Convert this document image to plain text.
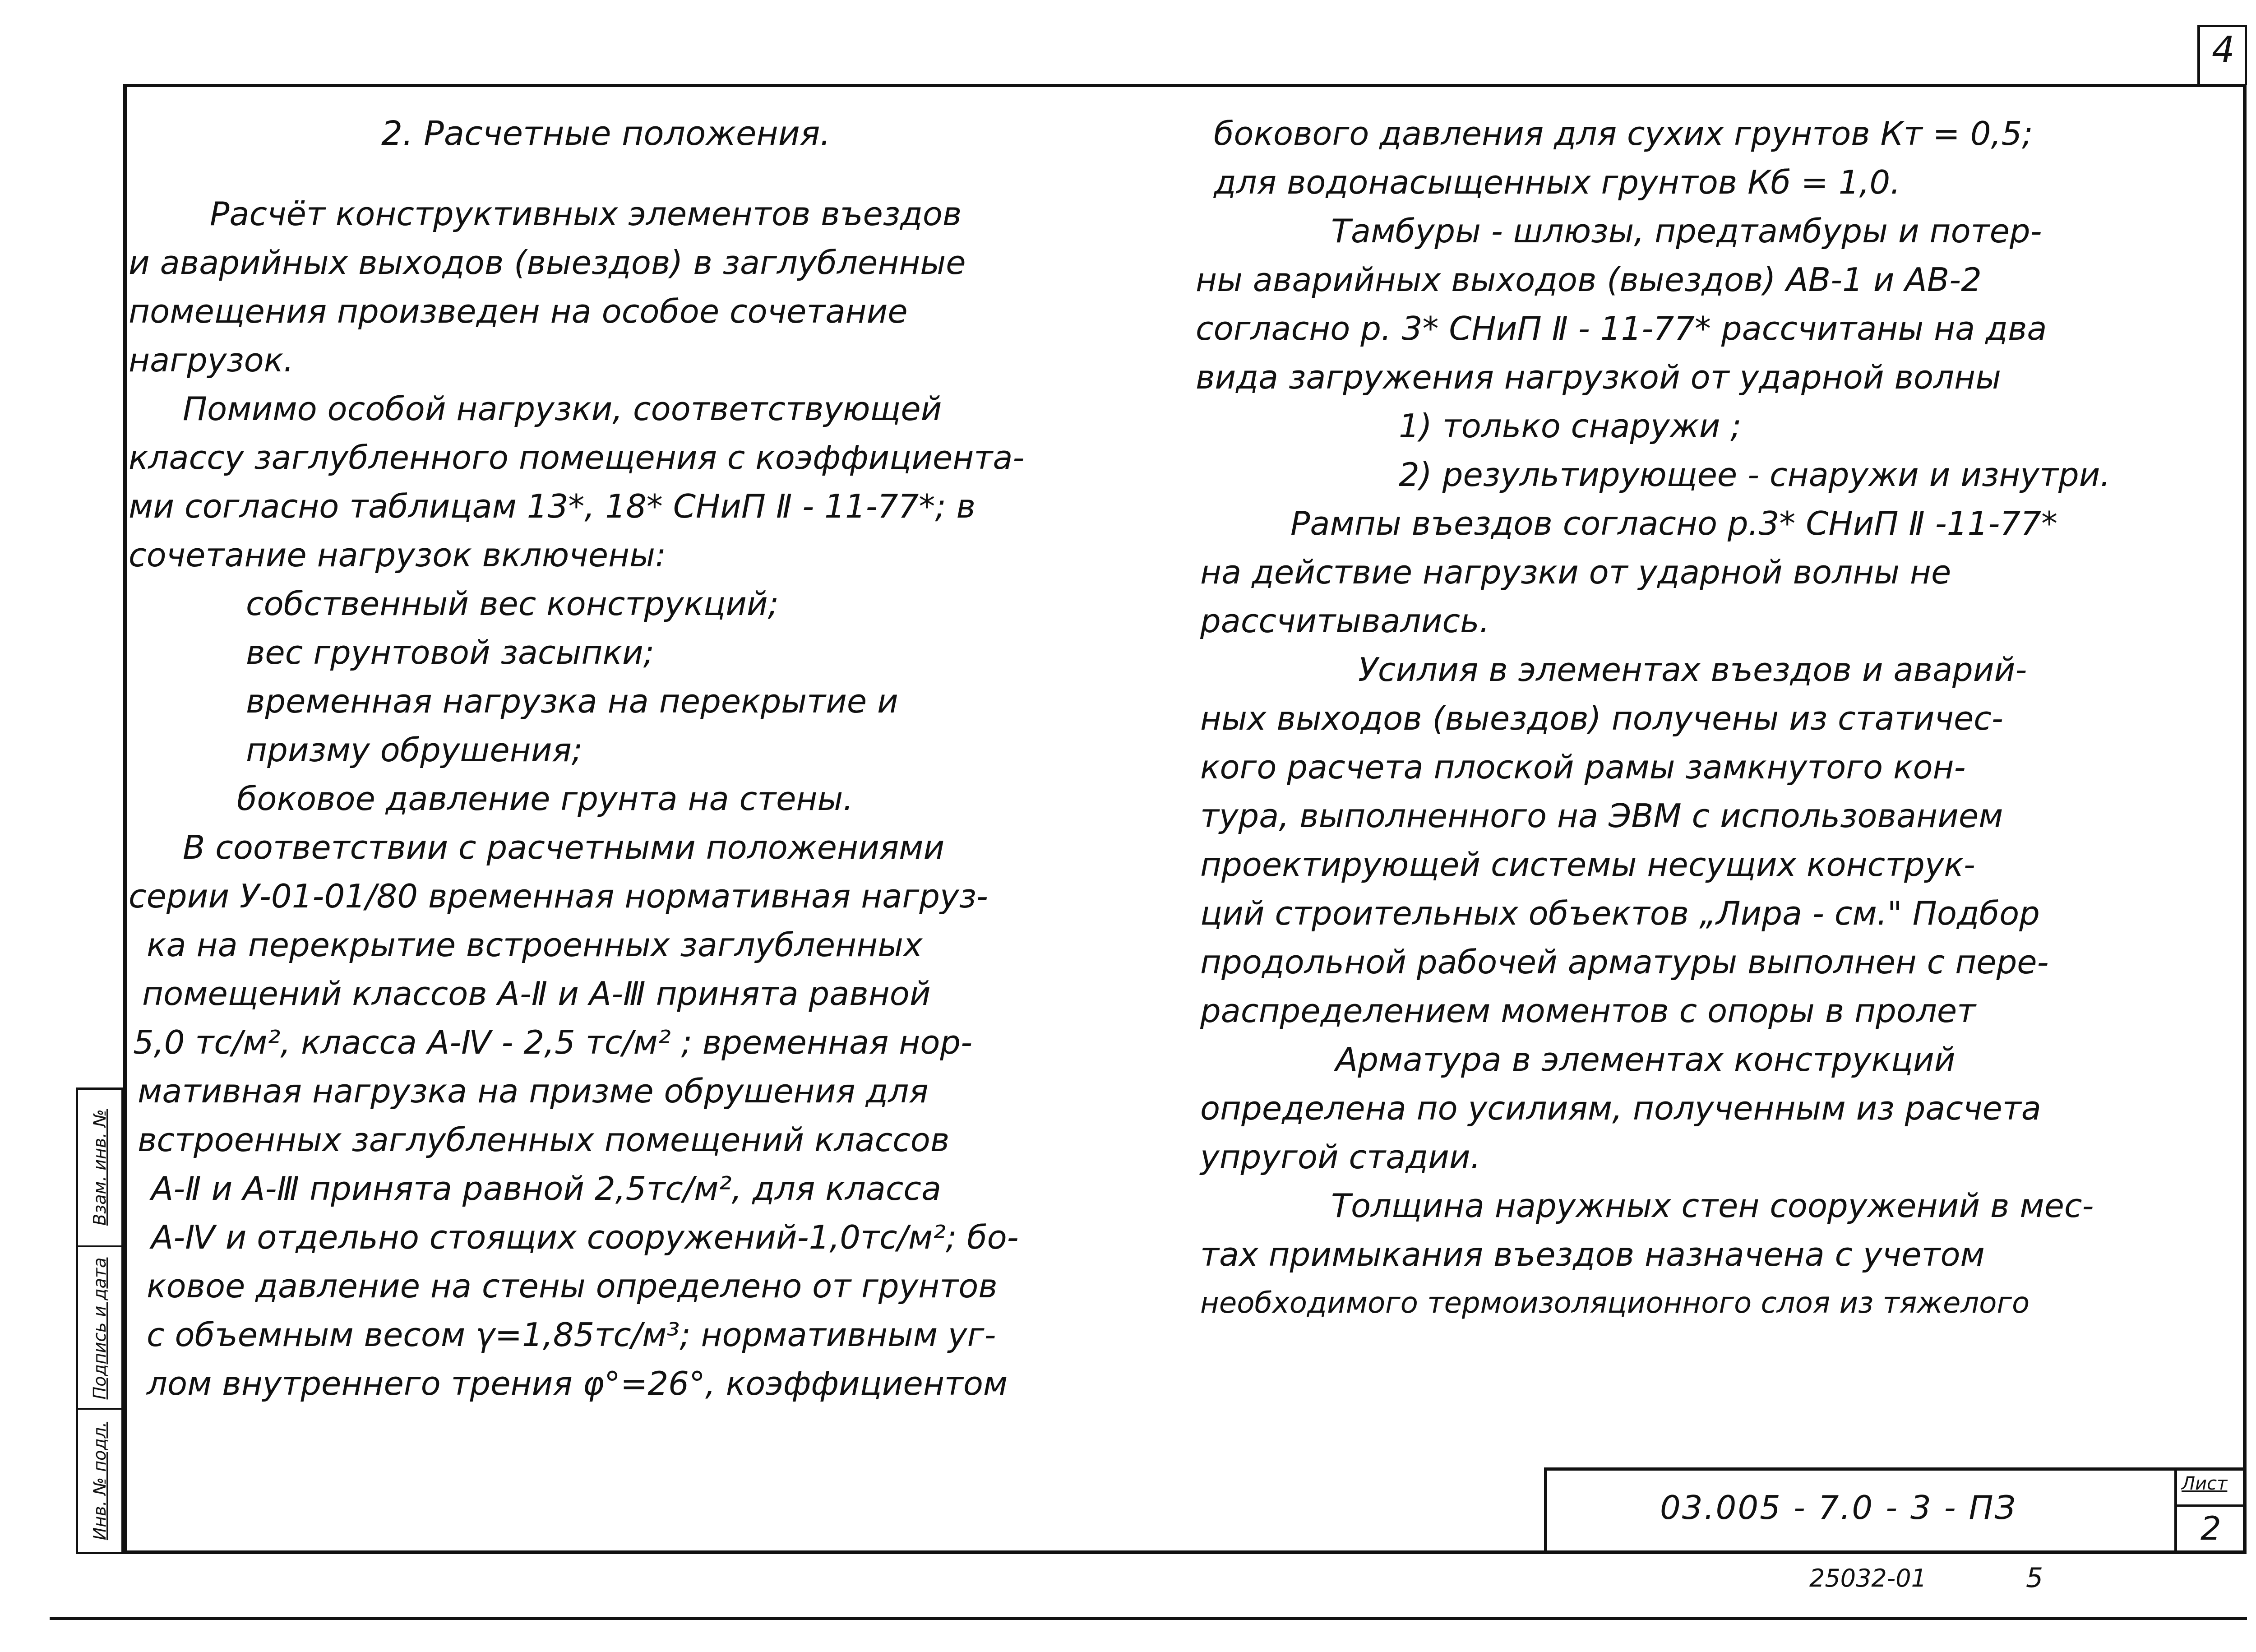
4
Взам. инв. №
Подпись и дата
Инв. № подл.
2. Расчетные положения.
Расчёт конструктивных элементов въездов
и аварийных выходов (выездов) в заглубленные
помещения произведен на особое сочетание
нагрузок.
Помимо особой нагрузки, соответствующей
классу заглубленного помещения с коэффициента-
ми согласно таблицам 13*, 18* СНиП Ⅱ - 11-77*; в
сочетание нагрузок включены:
собственный вес конструкций;
вес грунтовой засыпки;
временная нагрузка на перекрытие и
призму обрушения;
боковое давление грунта на стены.
В соответствии с расчетными положениями
серии У-01-01/80 временная нормативная нагруз-
ка на перекрытие встроенных заглубленных
помещений классов А-Ⅱ и А-Ⅲ принята равной
5,0 тс/м², класса А-Ⅳ - 2,5 тс/м² ; временная нор-
мативная нагрузка на призме обрушения для
встроенных заглубленных помещений классов
А-Ⅱ и А-Ⅲ принята равной 2,5тс/м², для класса
А-Ⅳ и отдельно стоящих сооружений-1,0тс/м²; бо-
ковое давление на стены определено от грунтов
с объемным весом γ=1,85тс/м³; нормативным уг-
лом внутреннего трения φ°=26°, коэффициентом
бокового давления для сухих грунтов Кт = 0,5;
для водонасыщенных грунтов Кб = 1,0.
Тамбуры - шлюзы, предтамбуры и потер-
ны аварийных выходов (выездов) АВ-1 и АВ-2
согласно р. 3* СНиП Ⅱ - 11-77* рассчитаны на два
вида загружения нагрузкой от ударной волны
1) только снаружи ;
2) результирующее - снаружи и изнутри.
Рампы въездов согласно р.3* СНиП Ⅱ -11-77*
на действие нагрузки от ударной волны не
рассчитывались.
Усилия в элементах въездов и аварий-
ных выходов (выездов) получены из статичес-
кого расчета плоской рамы замкнутого кон-
тура, выполненного на ЭВМ с использованием
проектирующей системы несущих конструк-
ций строительных объектов „Лира - см." Подбор
продольной рабочей арматуры выполнен с пере-
распределением моментов с опоры в пролет
Арматура в элементах конструкций
определена по усилиям, полученным из расчета
упругой стадии.
Толщина наружных стен сооружений в мес-
тах примыкания въездов назначена с учетом
необходимого термоизоляционного слоя из тяжелого
03.005 - 7.0 - 3 - ПЗ
Лист
2
25032-01	5
